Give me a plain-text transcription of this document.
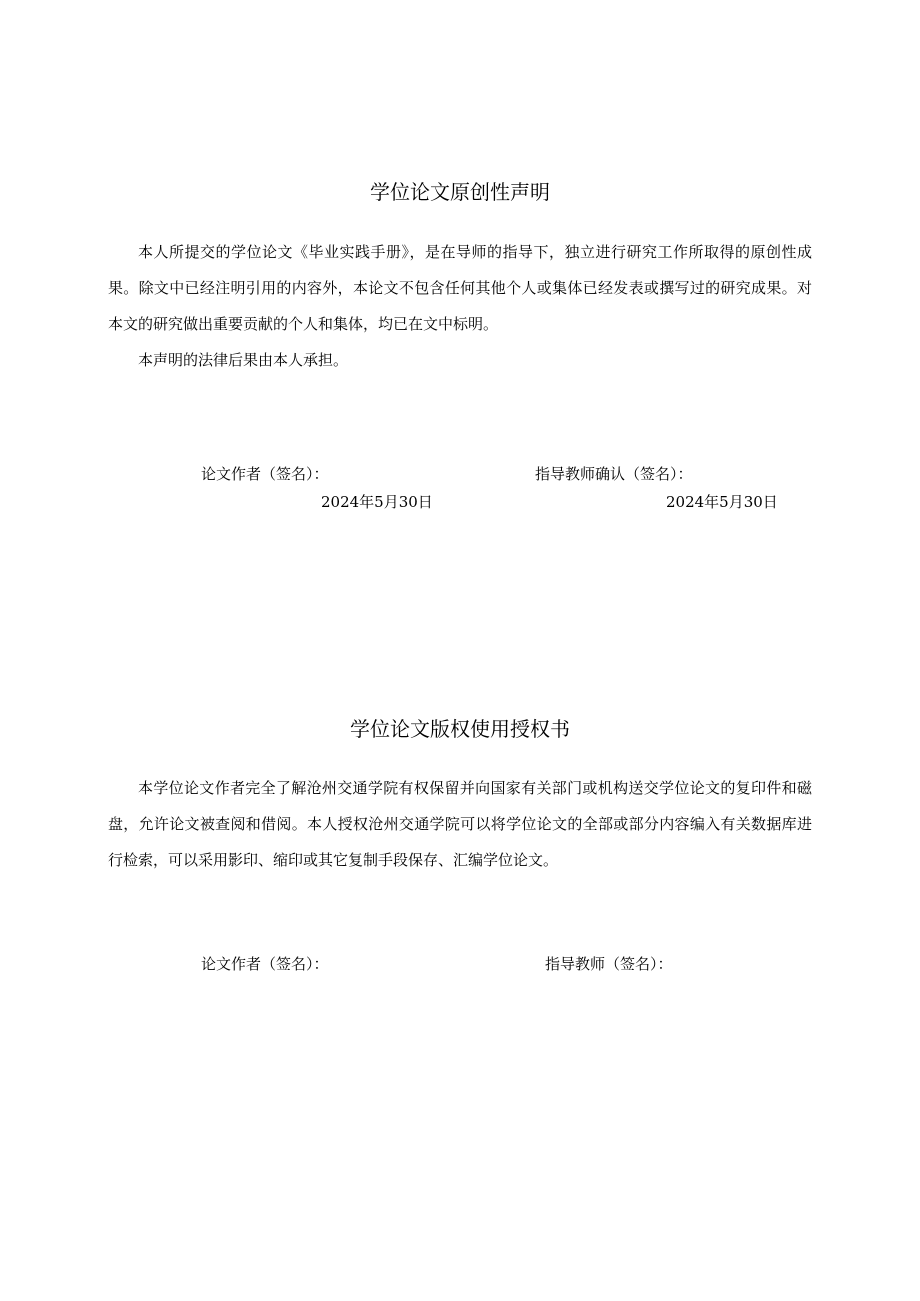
学位论文原创性声明

本人所提交的学位论文《毕业实践手册》，是在导师的指导下，独立进行研究工作所取得的原创性成果。除文中已经注明引用的内容外，本论文不包含任何其他个人或集体已经发表或撰写过的研究成果。对本文的研究做出重要贡献的个人和集体，均已在文中标明。

本声明的法律后果由本人承担。

论文作者（签名）：	指导教师确认（签名）：
2024年5月30日	2024年5月30日
学位论文版权使用授权书

本学位论文作者完全了解沧州交通学院有权保留并向国家有关部门或机构送交学位论文的复印件和磁盘，允许论文被查阅和借阅。本人授权沧州交通学院可以将学位论文的全部或部分内容编入有关数据库进行检索，可以采用影印、缩印或其它复制手段保存、汇编学位论文。

论文作者（签名）：	指导教师（签名）：
